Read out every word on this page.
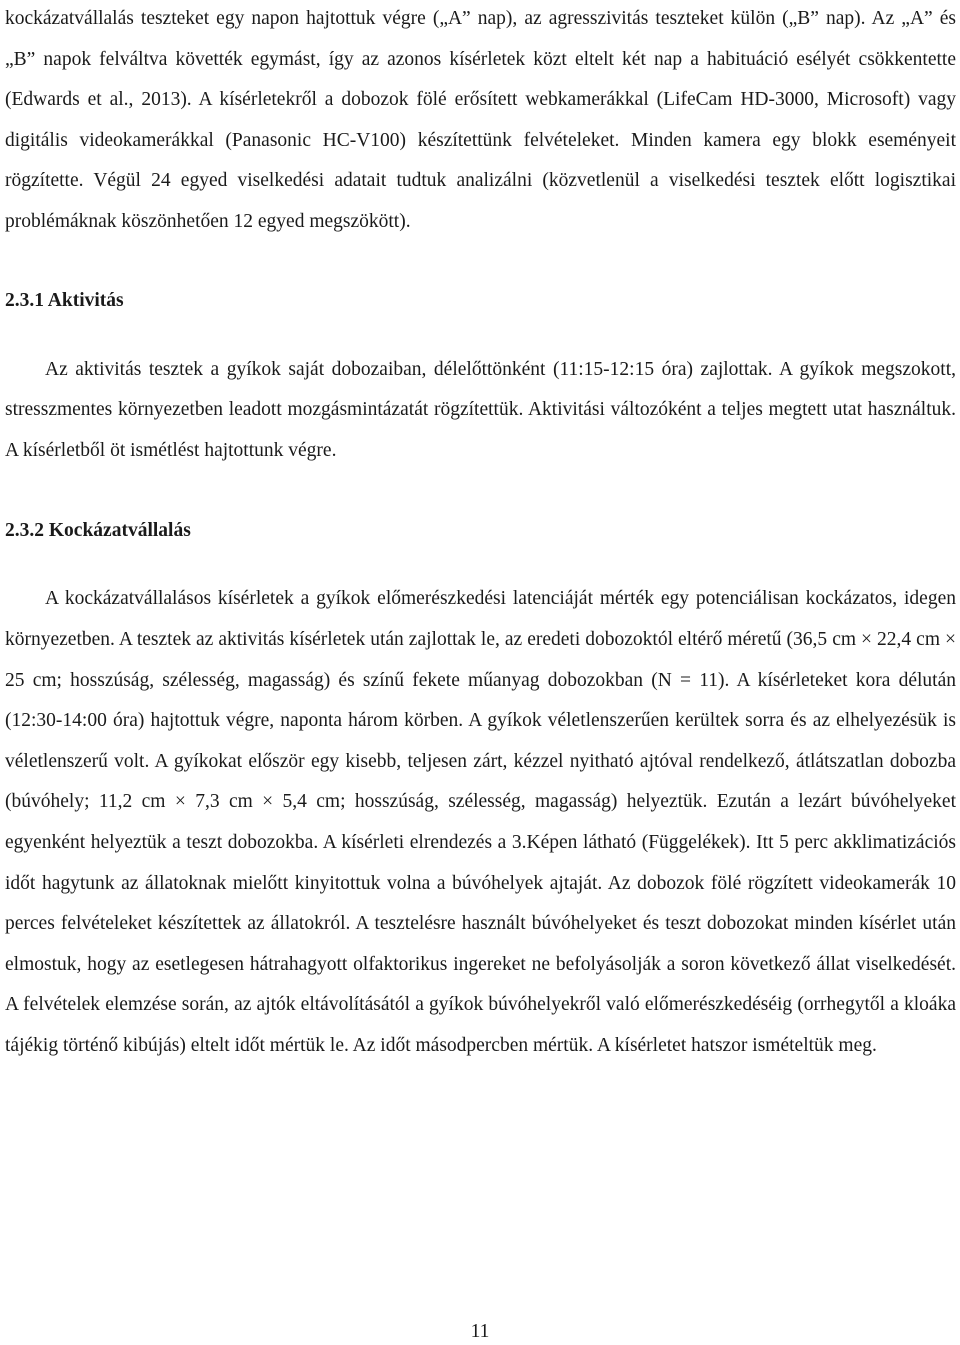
kockázatvállalás teszteket egy napon hajtottuk végre („A” nap), az agresszivitás teszteket külön („B” nap). Az „A” és „B” napok felváltva követték egymást, így az azonos kísérletek közt eltelt két nap a habituáció esélyét csökkentette (Edwards et al., 2013). A kísérletekről a dobozok fölé erősített webkamerákkal (LifeCam HD-3000, Microsoft) vagy digitális videokamerákkal (Panasonic HC-V100) készítettünk felvételeket. Minden kamera egy blokk eseményeit rögzítette. Végül 24 egyed viselkedési adatait tudtuk analizálni (közvetlenül a viselkedési tesztek előtt logisztikai problémáknak köszönhetően 12 egyed megszökött).

2.3.1 Aktivitás

Az aktivitás tesztek a gyíkok saját dobozaiban, délelőttönként (11:15-12:15 óra) zajlottak. A gyíkok megszokott, stresszmentes környezetben leadott mozgásmintázatát rögzítettük. Aktivitási változóként a teljes megtett utat használtuk. A kísérletből öt ismétlést hajtottunk végre.

2.3.2 Kockázatvállalás

A kockázatvállalásos kísérletek a gyíkok előmerészkedési latenciáját mérték egy potenciálisan kockázatos, idegen környezetben. A tesztek az aktivitás kísérletek után zajlottak le, az eredeti dobozoktól eltérő méretű (36,5 cm × 22,4 cm × 25 cm; hosszúság, szélesség, magasság) és színű fekete műanyag dobozokban (N = 11). A kísérleteket kora délután (12:30-14:00 óra) hajtottuk végre, naponta három körben. A gyíkok véletlenszerűen kerültek sorra és az elhelyezésük is véletlenszerű volt. A gyíkokat először egy kisebb, teljesen zárt, kézzel nyitható ajtóval rendelkező, átlátszatlan dobozba (búvóhely; 11,2 cm × 7,3 cm × 5,4 cm; hosszúság, szélesség, magasság) helyeztük. Ezután a lezárt búvóhelyeket egyenként helyeztük a teszt dobozokba. A kísérleti elrendezés a 3.Képen látható (Függelékek). Itt 5 perc akklimatizációs időt hagytunk az állatoknak mielőtt kinyitottuk volna a búvóhelyek ajtaját. Az dobozok fölé rögzített videokamerák 10 perces felvételeket készítettek az állatokról. A tesztelésre használt búvóhelyeket és teszt dobozokat minden kísérlet után elmostuk, hogy az esetlegesen hátrahagyott olfaktorikus ingereket ne befolyásolják a soron következő állat viselkedését. A felvételek elemzése során, az ajtók eltávolításától a gyíkok búvóhelyekről való előmerészkedéséig (orrhegytől a kloáka tájékig történő kibújás) eltelt időt mértük le. Az időt másodpercben mértük. A kísérletet hatszor ismételtük meg.

11
